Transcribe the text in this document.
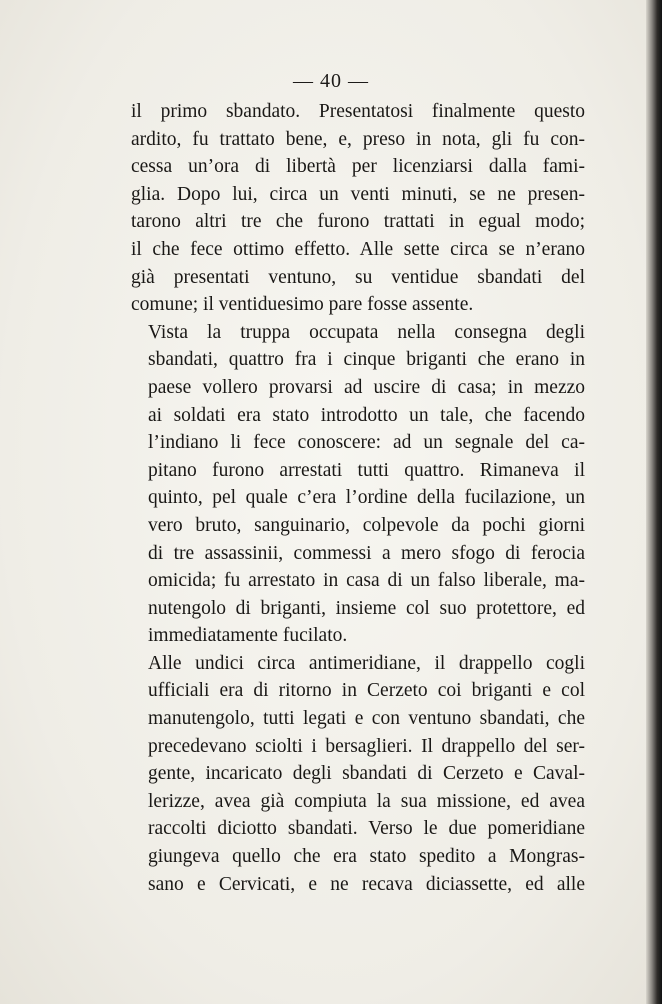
— 40 —
il primo sbandato. Presentatosi finalmente questo
ardito, fu trattato bene, e, preso in nota, gli fu con-
cessa un’ora di libertà per licenziarsi dalla fami-
glia. Dopo lui, circa un venti minuti, se ne presen-
tarono altri tre che furono trattati in egual modo;
il che fece ottimo effetto. Alle sette circa se n’erano
già presentati ventuno, su ventidue sbandati del
comune; il ventiduesimo pare fosse assente.
Vista la truppa occupata nella consegna degli
sbandati, quattro fra i cinque briganti che erano in
paese vollero provarsi ad uscire di casa; in mezzo
ai soldati era stato introdotto un tale, che facendo
l’indiano li fece conoscere: ad un segnale del ca-
pitano furono arrestati tutti quattro. Rimaneva il
quinto, pel quale c’era l’ordine della fucilazione, un
vero bruto, sanguinario, colpevole da pochi giorni
di tre assassinii, commessi a mero sfogo di ferocia
omicida; fu arrestato in casa di un falso liberale, ma-
nutengolo di briganti, insieme col suo protettore, ed
immediatamente fucilato.
Alle undici circa antimeridiane, il drappello cogli
ufficiali era di ritorno in Cerzeto coi briganti e col
manutengolo, tutti legati e con ventuno sbandati, che
precedevano sciolti i bersaglieri. Il drappello del ser-
gente, incaricato degli sbandati di Cerzeto e Caval-
lerizze, avea già compiuta la sua missione, ed avea
raccolti diciotto sbandati. Verso le due pomeridiane
giungeva quello che era stato spedito a Mongras-
sano e Cervicati, e ne recava diciassette, ed alle
